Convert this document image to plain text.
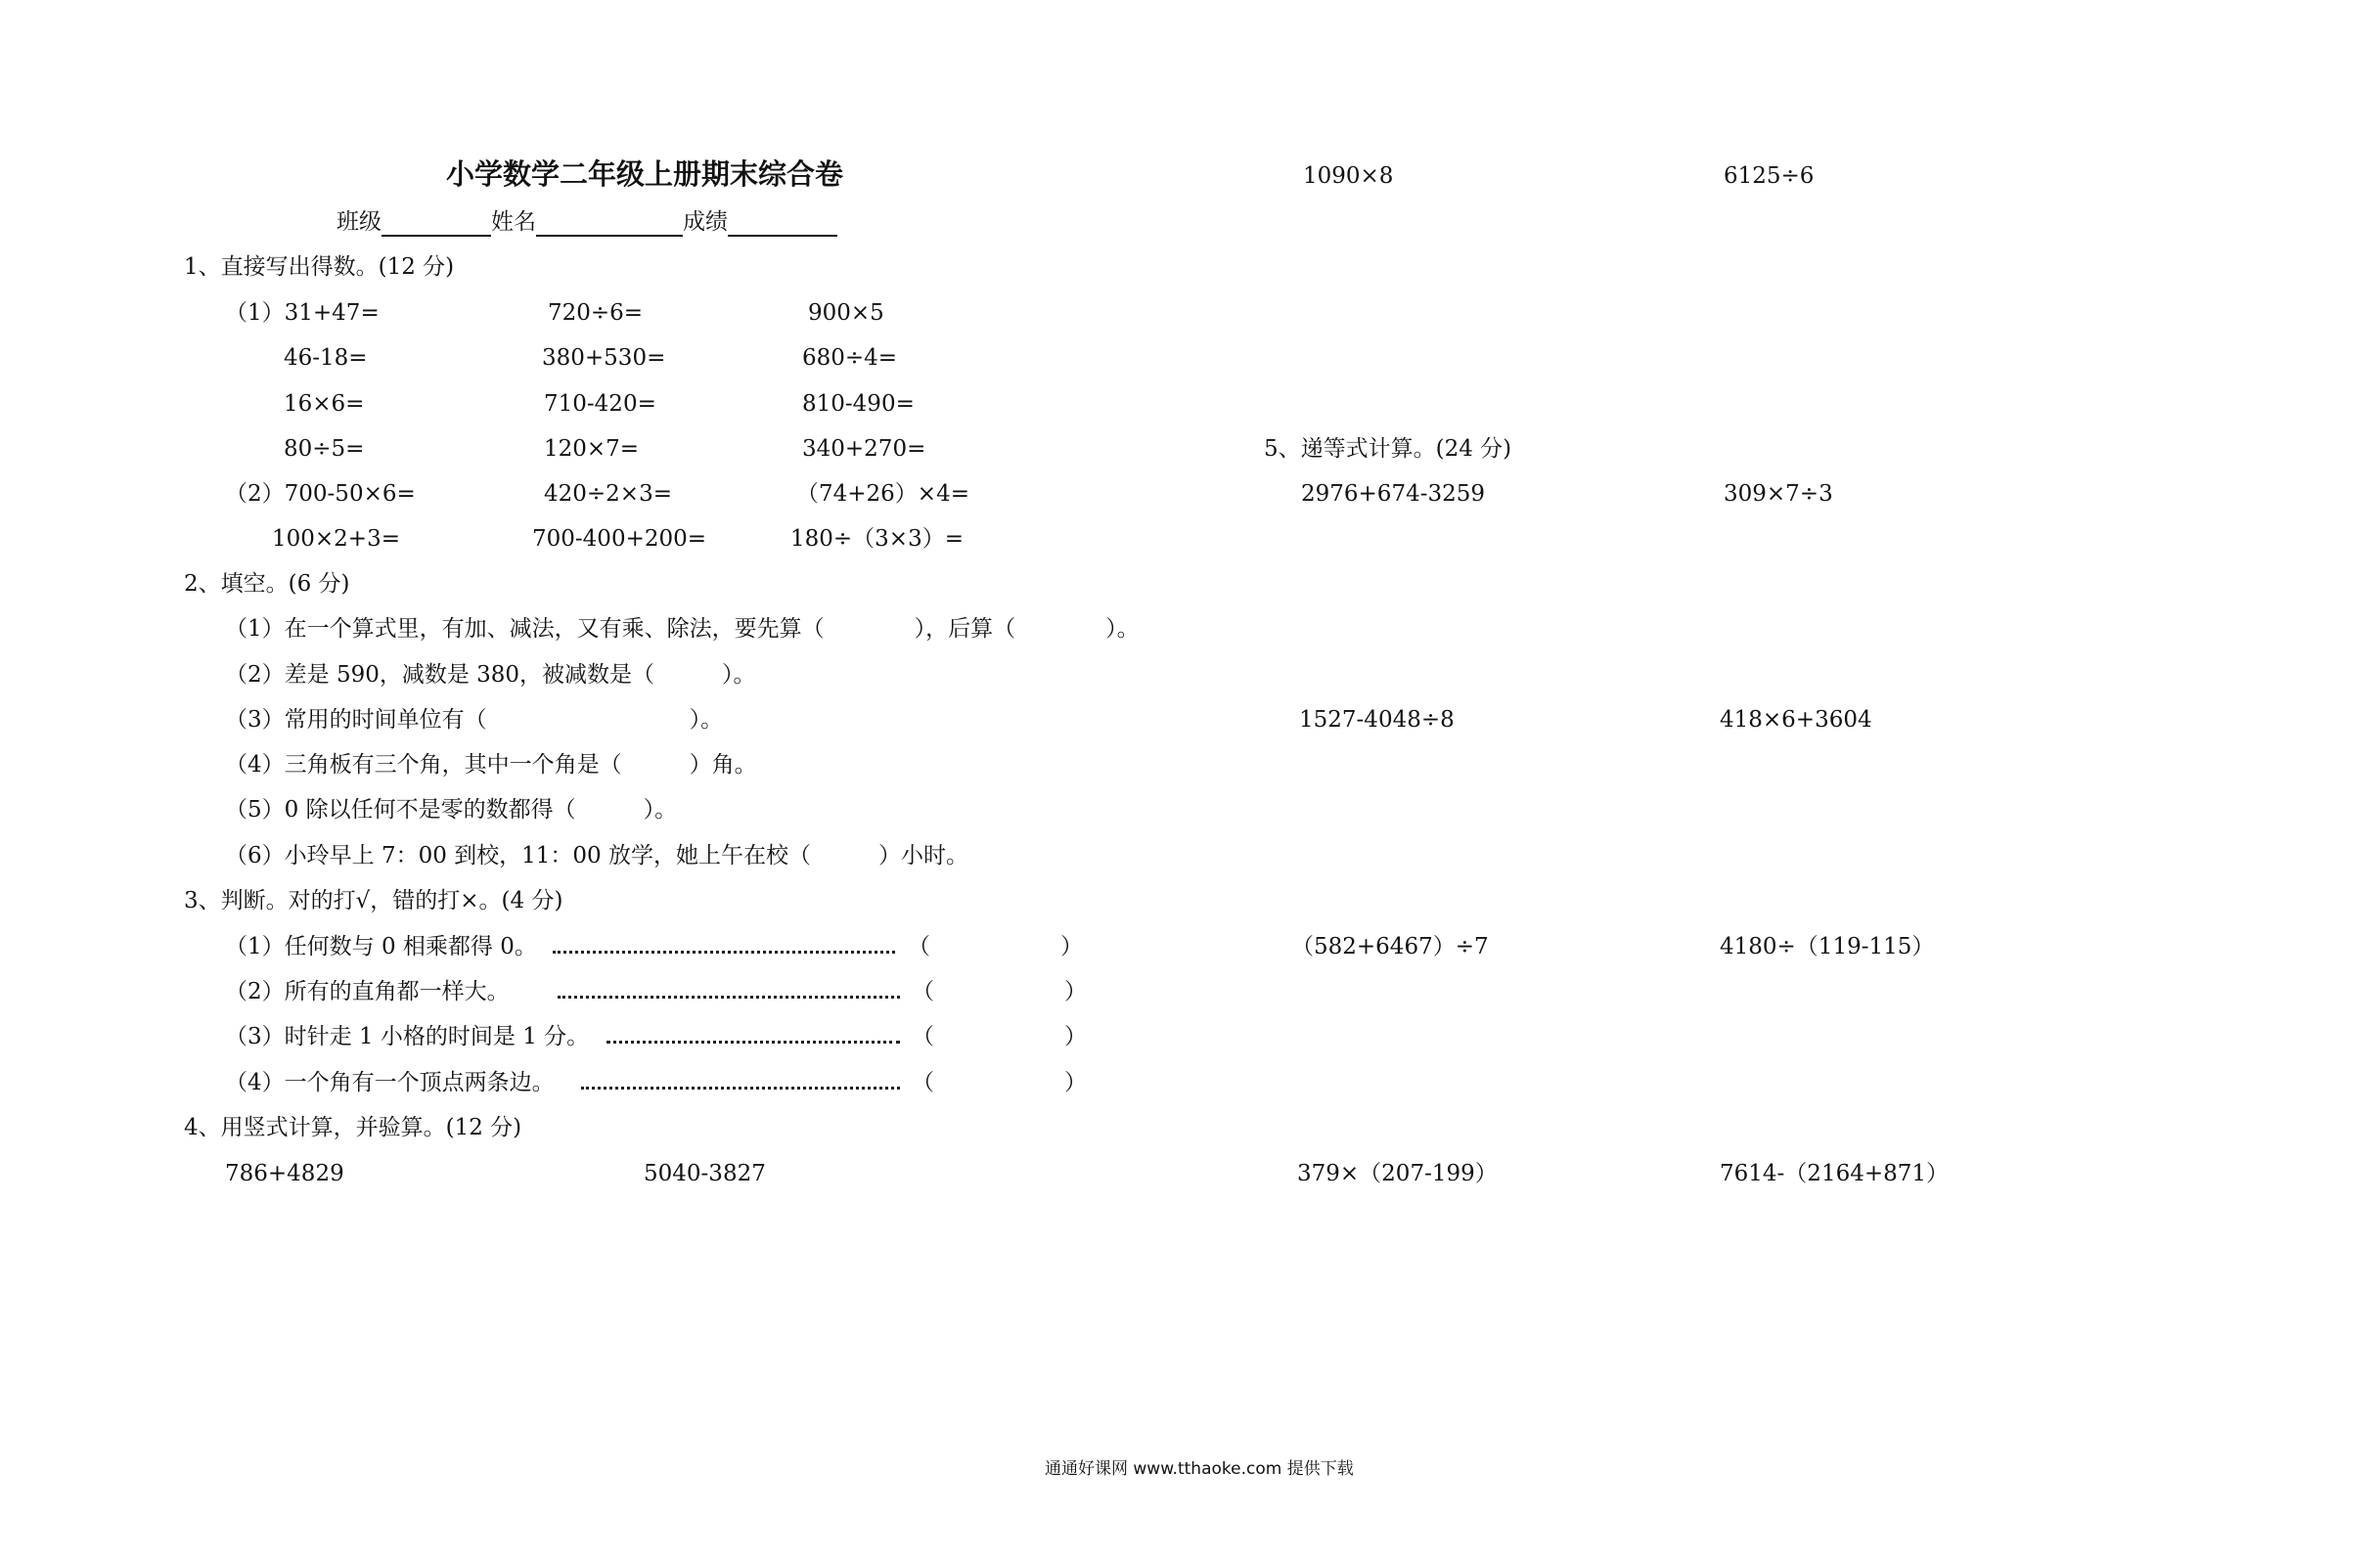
小学数学二年级上册期末综合卷
班级	姓名	成绩
1、直接写出得数。(12 分)
（1）31+47=	720÷6=	900×5
46-18=	380+530=	680÷4=
16×6=	710-420=	810-490=
80÷5=	120×7=	340+270=
（2）700-50×6=	420÷2×3=	（74+26）×4=
100×2+3=	700-400+200=	180÷（3×3）=
2、填空。(6 分)
（1）在一个算式里，有加、减法，又有乘、除法，要先算（　　　　），后算（　　　　）。
（2）差是 590，减数是 380，被减数是（　　　）。
（3）常用的时间单位有（　　　　　　　　　）。
（4）三角板有三个角，其中一个角是（　　　）角。
（5）0 除以任何不是零的数都得（　　　）。
（6）小玲早上 7：00 到校，11：00 放学，她上午在校（　　　）小时。
3、判断。对的打√，错的打×。(4 分)
（1）任何数与 0 相乘都得 0。	（	）
（2）所有的直角都一样大。	（	）
（3）时针走 1 小格的时间是 1 分。	（	）
（4）一个角有一个顶点两条边。	（	）
4、用竖式计算，并验算。(12 分)
786+4829	5040-3827
1090×8	6125÷6
5、递等式计算。(24 分)
2976+674-3259	309×7÷3
1527-4048÷8	418×6+3604
（582+6467）÷7	4180÷（119-115）
379×（207-199）	7614-（2164+871）
通通好课网 www.tthaoke.com 提供下载
